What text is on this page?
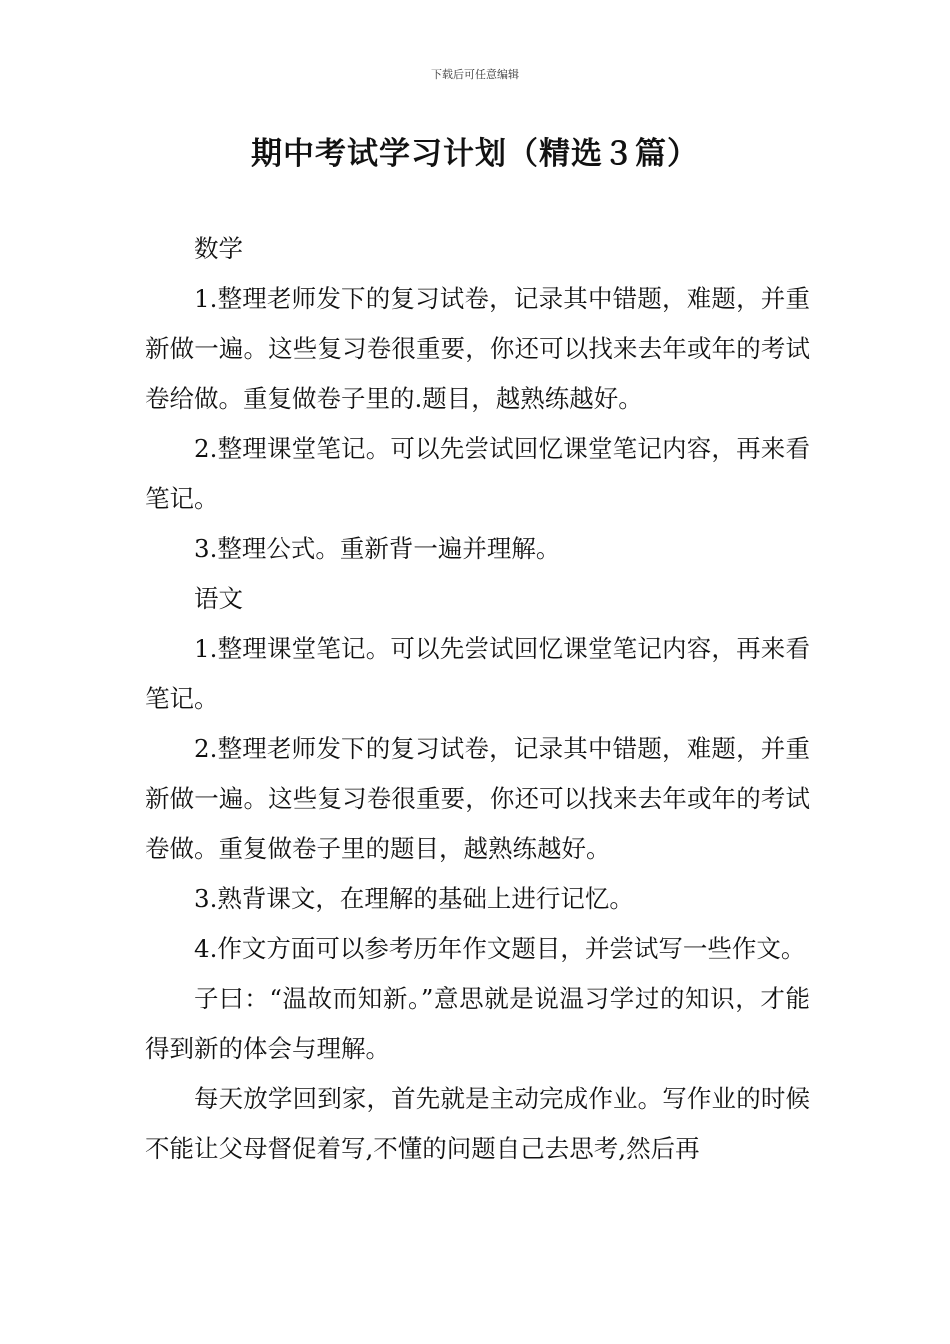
下载后可任意编辑
期中考试学习计划（精选３篇）

数学

1.整理老师发下的复习试卷，记录其中错题，难题，并重新做一遍。这些复习卷很重要，你还可以找来去年或年的考试卷给做。重复做卷子里的.题目，越熟练越好。

2.整理课堂笔记。可以先尝试回忆课堂笔记内容，再来看笔记。

3.整理公式。重新背一遍并理解。

语文

1.整理课堂笔记。可以先尝试回忆课堂笔记内容，再来看笔记。

2.整理老师发下的复习试卷，记录其中错题，难题，并重新做一遍。这些复习卷很重要，你还可以找来去年或年的考试卷做。重复做卷子里的题目，越熟练越好。

3.熟背课文，在理解的基础上进行记忆。

4.作文方面可以参考历年作文题目，并尝试写一些作文。

子曰：“温故而知新。”意思就是说温习学过的知识，才能得到新的体会与理解。

每天放学回到家，首先就是主动完成作业。写作业的时候不能让父母督促着写,不懂的问题自己去思考,然后再
